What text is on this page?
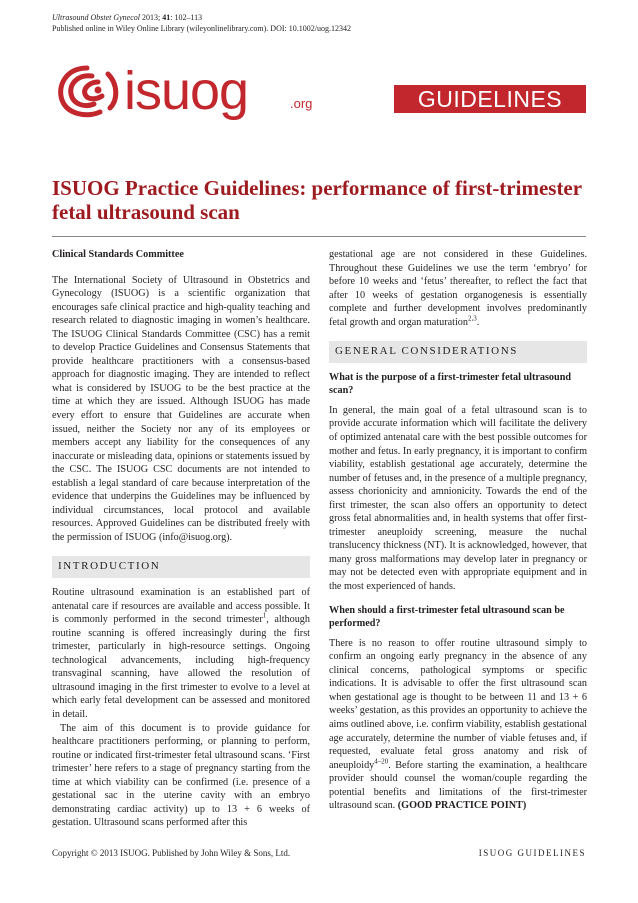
Ultrasound Obstet Gynecol 2013; 41: 102–113
Published online in Wiley Online Library (wileyonlinelibrary.com). DOI: 10.1002/uog.12342
isuog	.org	GUIDELINES
ISUOG Practice Guidelines: performance of first-trimester fetal ultrasound scan

Clinical Standards Committee

The International Society of Ultrasound in Obstetrics and Gynecology (ISUOG) is a scientific organization that encourages safe clinical practice and high-quality teaching and research related to diagnostic imaging in women’s healthcare. The ISUOG Clinical Standards Committee (CSC) has a remit to develop Practice Guidelines and Consensus Statements that provide healthcare practitioners with a consensus-based approach for diagnostic imaging. They are intended to reflect what is considered by ISUOG to be the best practice at the time at which they are issued. Although ISUOG has made every effort to ensure that Guidelines are accurate when issued, neither the Society nor any of its employees or members accept any liability for the consequences of any inaccurate or misleading data, opinions or statements issued by the CSC. The ISUOG CSC documents are not intended to establish a legal standard of care because interpretation of the evidence that underpins the Guidelines may be influenced by individual circumstances, local protocol and available resources. Approved Guidelines can be distributed freely with the permission of ISUOG (info@isuog.org).

INTRODUCTION

Routine ultrasound examination is an established part of antenatal care if resources are available and access possible. It is commonly performed in the second trimester$^1$, although routine scanning is offered increasingly during the first trimester, particularly in high-resource settings. Ongoing technological advancements, including high-frequency transvaginal scanning, have allowed the resolution of ultrasound imaging in the first trimester to evolve to a level at which early fetal development can be assessed and monitored in detail.

The aim of this document is to provide guidance for healthcare practitioners performing, or planning to perform, routine or indicated first-trimester fetal ultrasound scans. ‘First trimester’ here refers to a stage of pregnancy starting from the time at which viability can be confirmed (i.e. presence of a gestational sac in the uterine cavity with an embryo demonstrating cardiac activity) up to 13 + 6 weeks of gestation. Ultrasound scans performed after this

gestational age are not considered in these Guidelines. Throughout these Guidelines we use the term ‘embryo’ for before 10 weeks and ‘fetus’ thereafter, to reflect the fact that after 10 weeks of gestation organogenesis is essentially complete and further development involves predominantly fetal growth and organ maturation$^{2,3}$.

GENERAL CONSIDERATIONS

What is the purpose of a first-trimester fetal ultrasound scan?

In general, the main goal of a fetal ultrasound scan is to provide accurate information which will facilitate the delivery of optimized antenatal care with the best possible outcomes for mother and fetus. In early pregnancy, it is important to confirm viability, establish gestational age accurately, determine the number of fetuses and, in the presence of a multiple pregnancy, assess chorionicity and amnionicity. Towards the end of the first trimester, the scan also offers an opportunity to detect gross fetal abnormalities and, in health systems that offer first-trimester aneuploidy screening, measure the nuchal translucency thickness (NT). It is acknowledged, however, that many gross malformations may develop later in pregnancy or may not be detected even with appropriate equipment and in the most experienced of hands.

When should a first-trimester fetal ultrasound scan be performed?

There is no reason to offer routine ultrasound simply to confirm an ongoing early pregnancy in the absence of any clinical concerns, pathological symptoms or specific indications. It is advisable to offer the first ultrasound scan when gestational age is thought to be between 11 and 13 + 6 weeks’ gestation, as this provides an opportunity to achieve the aims outlined above, i.e. confirm viability, establish gestational age accurately, determine the number of viable fetuses and, if requested, evaluate fetal gross anatomy and risk of aneuploidy$^{4-20}$. Before starting the examination, a healthcare provider should counsel the woman/couple regarding the potential benefits and limitations of the first-trimester ultrasound scan. (GOOD PRACTICE POINT)

Copyright © 2013 ISUOG. Published by John Wiley & Sons, Ltd.	ISUOG GUIDELINES
